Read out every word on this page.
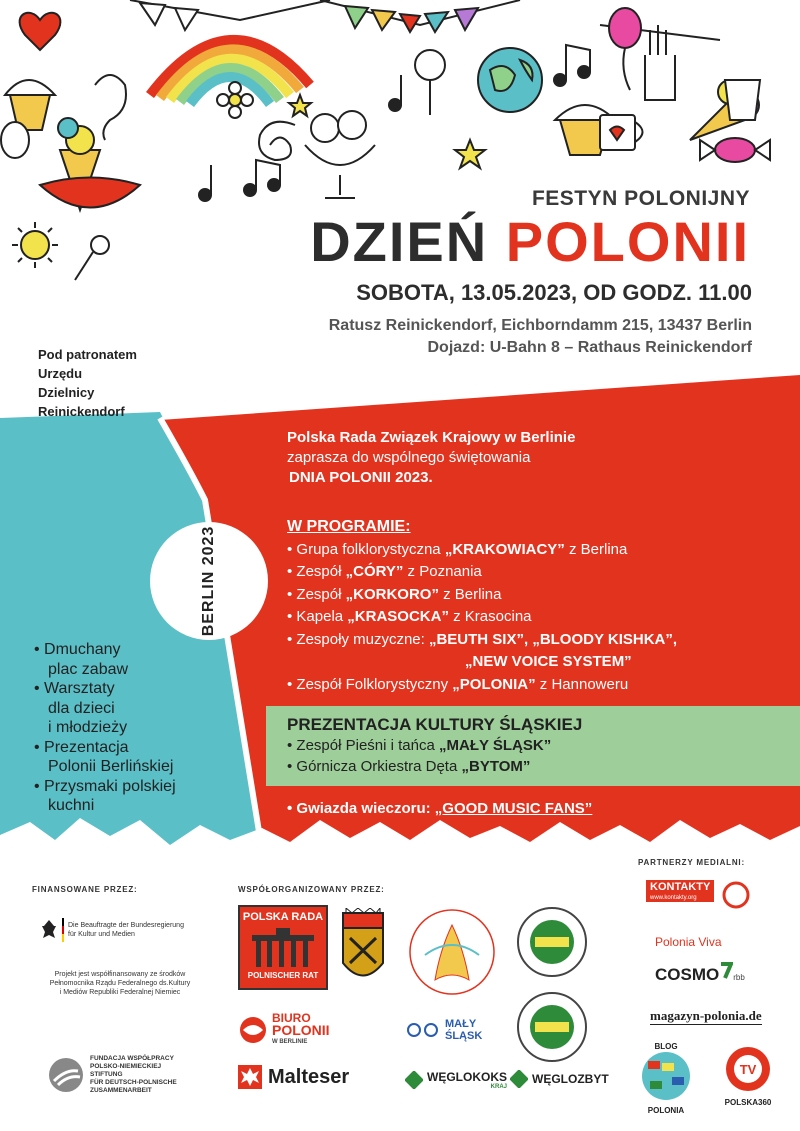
FESTYN POLONIJNY
DZIEŃ POLONII
SOBOTA, 13.05.2023, OD GODZ. 11.00
Ratusz Reinickendorf, Eichborndamm 215, 13437 Berlin
Dojazd: U-Bahn 8 – Rathaus Reinickendorf
Pod patronatem
Urzędu
Dzielnicy
Reinickendorf
Polska Rada Związek Krajowy w Berlinie
zaprasza do wspólnego świętowania
DNIA POLONII 2023.
W PROGRAMIE:
• Grupa folklorystyczna „KRAKOWIACY” z Berlina
• Zespół „CÓRY” z Poznania
• Zespół „KORKORO” z Berlina
• Kapela „KRASOCKA” z Krasocina
• Zespoły muzyczne: „BEUTH SIX”, „BLOODY KISHKA”,
„NEW VOICE SYSTEM”
• Zespół Folklorystyczny „POLONIA” z Hannoweru
PREZENTACJA KULTURY ŚLĄSKIEJ
• Zespół Pieśni i tańca „MAŁY ŚLĄSK”
• Górnicza Orkiestra Dęta „BYTOM”
• Gwiazda wieczoru: „GOOD MUSIC FANS”
• Dmuchany
plac zabaw
• Warsztaty
dla dzieci
i młodzieży
• Prezentacja
Polonii Berlińskiej
• Przysmaki polskiej
kuchni
BERLIN 2023
FINANSOWANE PRZEZ:	WSPÓŁORGANIZOWANY PRZEZ:
PARTNERZY MEDIALNI:
Die Beauftragte der Bundesregierung
für Kultur und Medien
Projekt jest współfinansowany ze środków
Pełnomocnika Rządu Federalnego ds.Kultury
i Mediów Republiki Federalnej Niemiec
FUNDACJA WSPÓŁPRACY
POLSKO-NIEMIECKIEJ
STIFTUNG
FÜR DEUTSCH-POLNISCHE
ZUSAMMENARBEIT
POLSKA RADA
POLNISCHER RAT
BIURO
POLONII
W BERLINIE
Malteser
MAŁY ŚLĄSK
WĘGLOKOKS
KRAJ
WĘGLOZBYT
KONTAKTY
www.kontakty.org
Polonia Viva
COSMO rbb
magazyn-polonia.de
BLOG
POLONIA
TV
POLSKA360
